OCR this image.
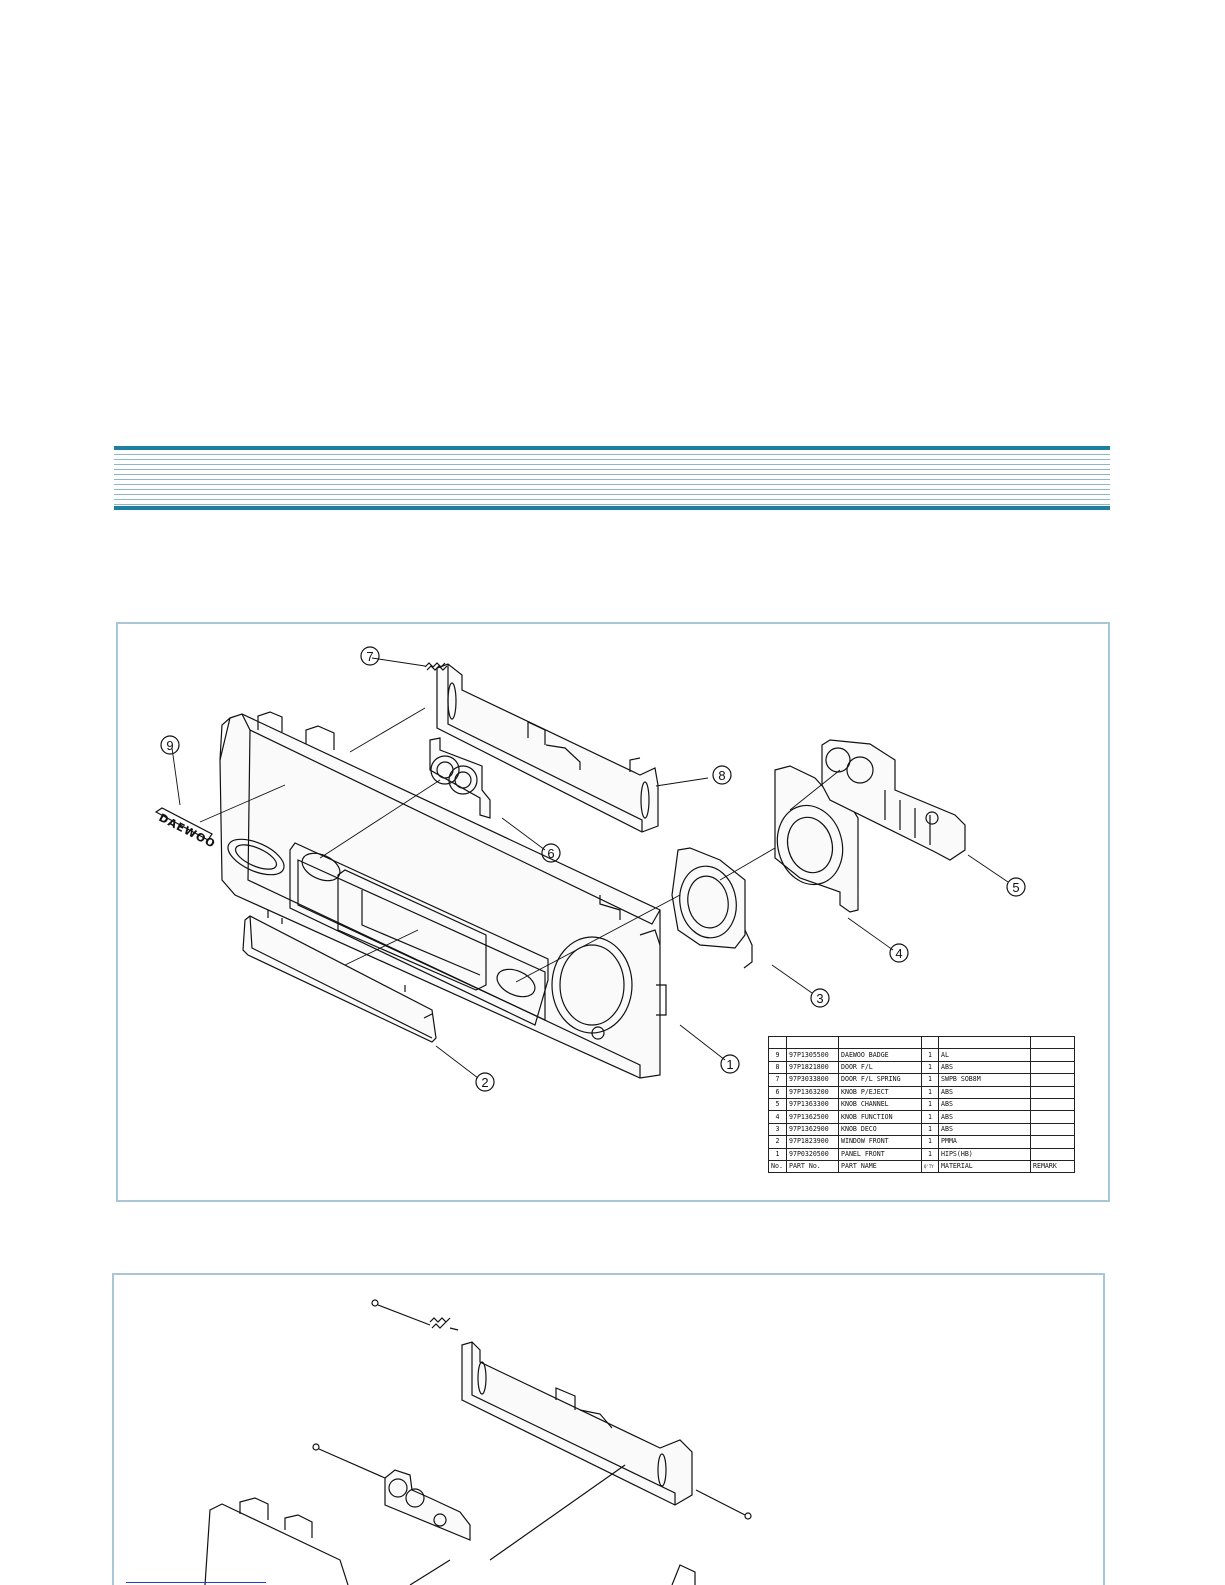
DAEWOO
7
9
8
6
5
4
3
1
2

9	97P1305500	DAEWOO BADGE	1	AL	
8	97P1821800	DOOR F/L	1	ABS	
7	97P3033800	DOOR F/L SPRING	1	SWPB SOB8M	
6	97P1363200	KNOB P/EJECT	1	ABS	
5	97P1363300	KNOB CHANNEL	1	ABS	
4	97P1362500	KNOB FUNCTION	1	ABS	
3	97P1362900	KNOB DECO	1	ABS	
2	97P1823900	WINDOW FRONT	1	PMMA	
1	97P0320500	PANEL FRONT	1	HIPS(HB)	
No.	PART No.	PART NAME	Q'TY	MATERIAL	REMARK
